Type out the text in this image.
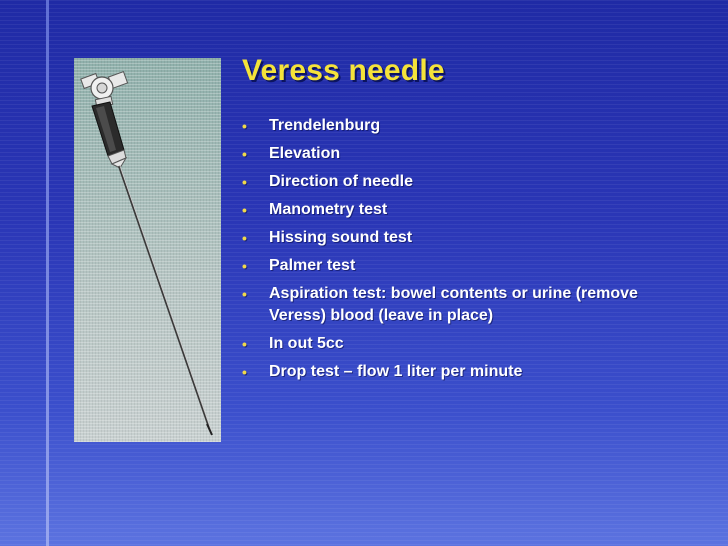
Veress needle
• Trendelenburg
• Elevation
• Direction of needle
• Manometry test
• Hissing sound test
• Palmer test
• Aspiration test: bowel contents or urine (remove Veress) blood (leave in place)
• In out 5cc
• Drop test – flow 1 liter per minute
